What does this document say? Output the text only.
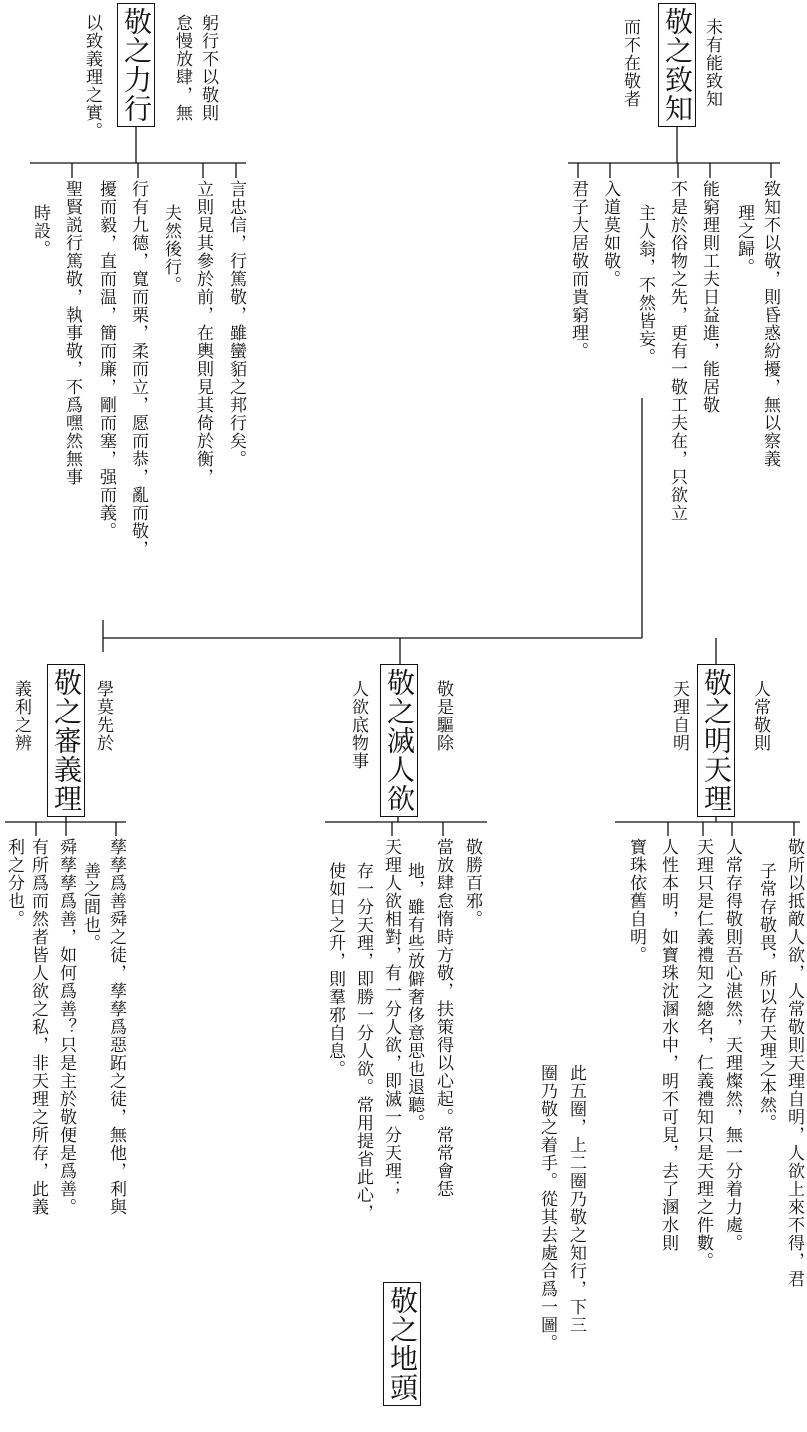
敬之致知 未有能致知

而不在敬者

致知不以敬，則昏惑紛擾，無以察義

理之歸。

能窮理則工夫日益進，能居敬

不是於俗物之先，更有一敬工夫在，只欲立

主人翁，不然皆妄。

入道莫如敬。

君子大居敬而貴窮理。

敬之力行	躬行不以敬則

怠慢放肆，無

以致義理之實。

言忠信，行篤敬，雖蠻貊之邦行矣。

立則見其參於前，在輿則見其倚於衡，

夫然後行。

行有九德，寬而栗，柔而立，愿而恭，亂而敬，

擾而毅，直而温，簡而廉，剛而塞，强而義。

聖賢説行篤敬，執事敬，不爲嘿然無事

時設。

敬之明天理 人常敬則

天理自明

敬所以抵敵人欲，人常敬則天理自明，人欲上來不得，君

子常存敬畏，所以存天理之本然。

人常存得敬則吾心湛然，天理燦然，無一分着力處。

天理只是仁義禮知之總名，仁義禮知只是天理之件數。

人性本明，如寶珠沈溷水中，明不可見，去了溷水則

寶珠依舊自明。

此五圈，上二圈乃敬之知行，下三

圈乃敬之着手。從其去處合爲一圖。

敬之滅人欲 敬是驅除

人欲底物事

敬勝百邪。

當放肆怠惰時方敬，扶策得以心起。常常會恁

地，雖有些放僻奢侈意思也退聽。

天理人欲相對，有一分人欲，即滅一分天理；

存一分天理，即勝一分人欲。常用提省此心，

使如日之升，則羣邪自息。

敬之地頭
敬之審義理 學莫先於

義利之辨

孳孳爲善舜之徒，孳孳爲惡跖之徒，無他，利與

善之間也。

舜孳孳爲善，如何爲善？只是主於敬便是爲善。

有所爲而然者皆人欲之私，非天理之所存，此義

利之分也。
